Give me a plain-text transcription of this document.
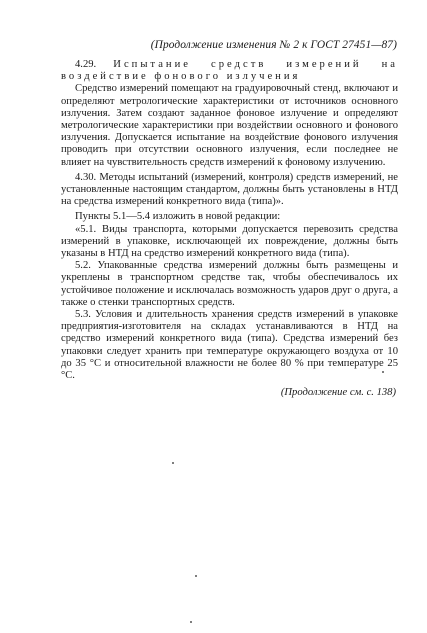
(Продолжение изменения № 2 к ГОСТ 27451—87)

4.29. Испытание средств измерений на воздействие фонового излучения

Средство измерений помещают на градуировочный стенд, включают и определяют метрологические характеристики от источников основного излучения. Затем создают заданное фоновое излучение и определяют метрологические характеристики при воздействии основного и фонового излучения. Допускается испытание на воздействие фонового излучения проводить при отсутствии основного излучения, если последнее не влияет на чувствительность средств измерений к фоновому излучению.

4.30. Методы испытаний (измерений, контроля) средств измерений, не установленные настоящим стандартом, должны быть установлены в НТД на средства измерений конкретного вида (типа)».

Пункты 5.1—5.4 изложить в новой редакции:

«5.1. Виды транспорта, которыми допускается перевозить средства измерений в упаковке, исключающей их повреждение, должны быть указаны в НТД на средство измерений конкретного вида (типа).

5.2. Упакованные средства измерений должны быть размещены и укреплены в транспортном средстве так, чтобы обеспечивалось их устойчивое положение и исключалась возможность ударов друг о друга, а также о стенки транспортных средств.

5.3. Условия и длительность хранения средств измерений в упаковке предприятия-изготовителя на складах устанавливаются в НТД на средство измерений конкретного вида (типа). Средства измерений без упаковки следует хранить при температуре окружающего воздуха от 10 до 35 °С и относительной влажности не более 80 % при температуре 25 °С.

(Продолжение см. с. 138)
